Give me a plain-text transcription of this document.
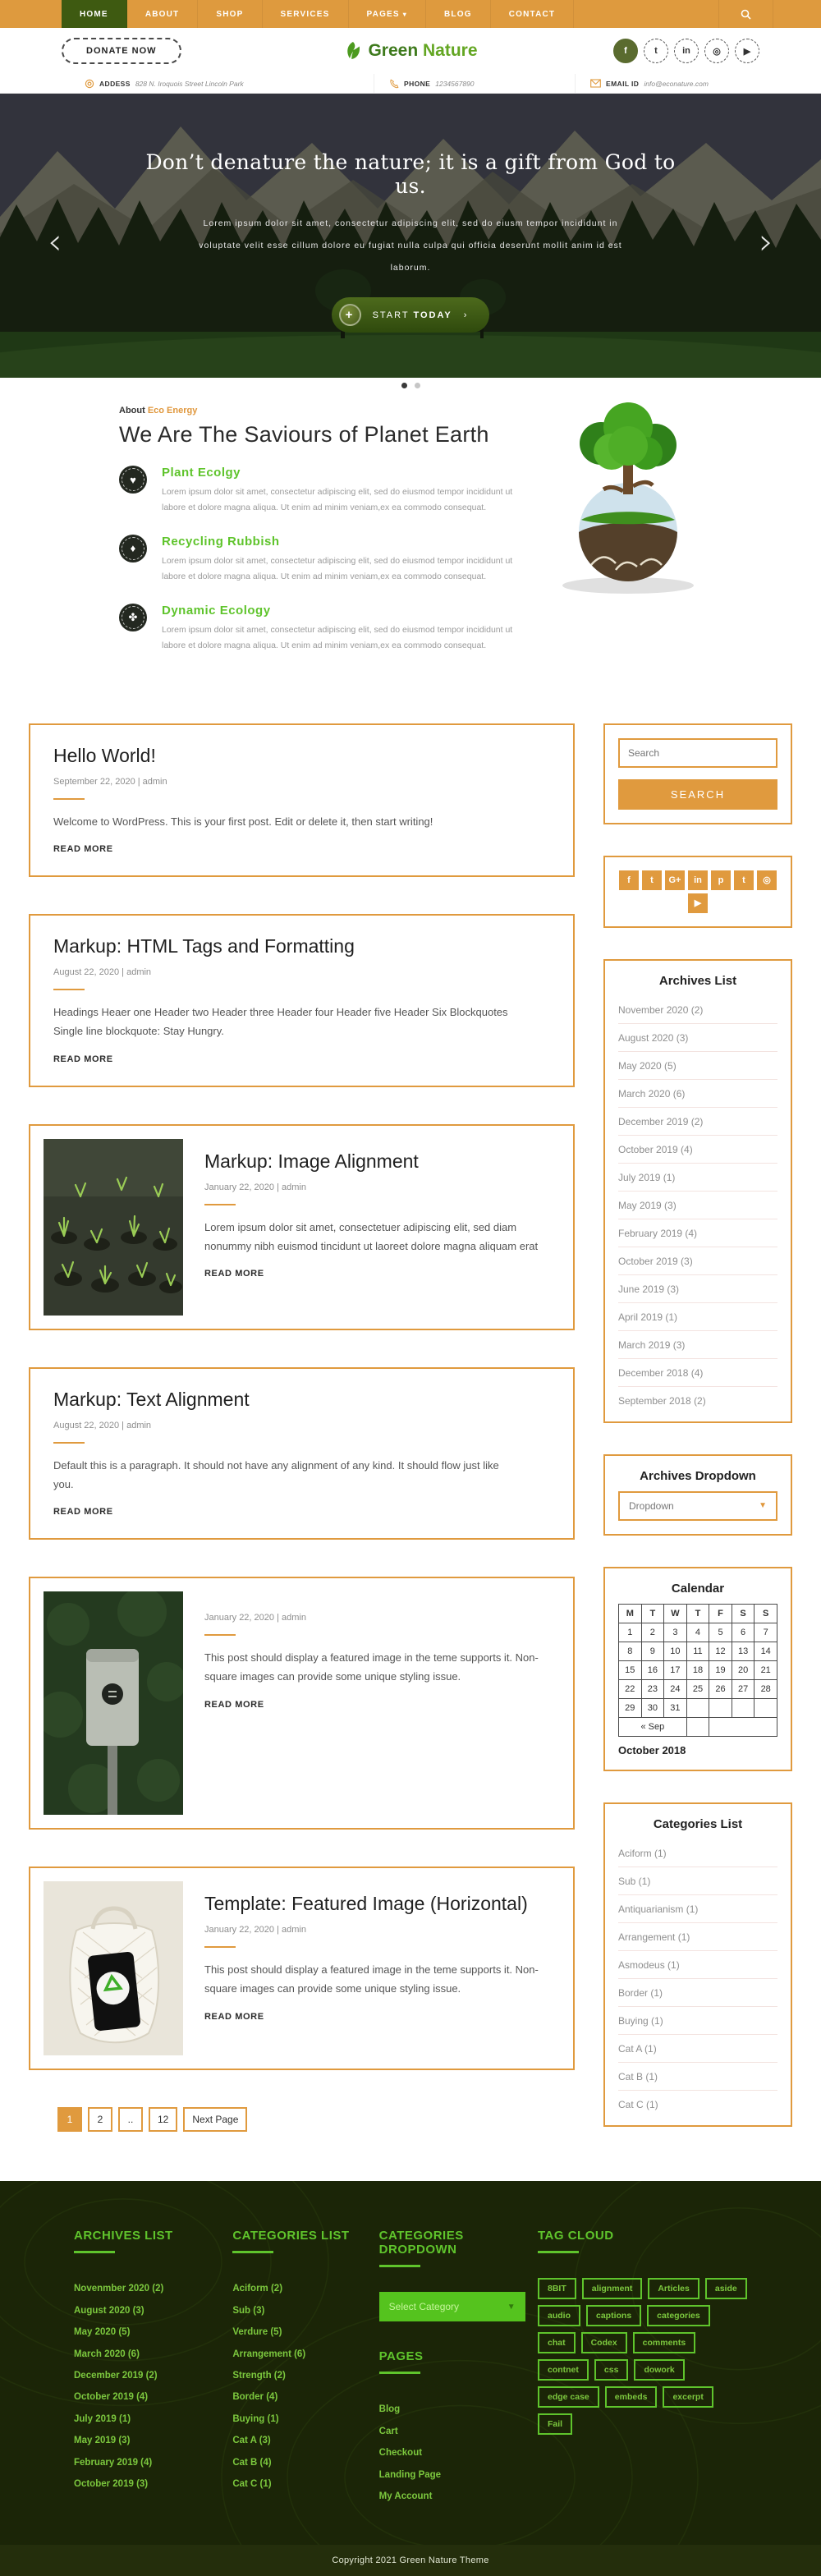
HOME	ABOUT	SHOP	SERVICES	PAGES ▾	BLOG	CONTACT
DONATE NOW	Green Nature	f	t	in	◎	▶
ADDESS 828 N. Iroquois Street Lincoln Park	PHONE 1234567890	EMAIL ID info@econature.com
‹	›
Don’t denature the nature; it is a gift from God to us.

Lorem ipsum dolor sit amet, consectetur adipiscing elit, sed do eiusm tempor incididunt in voluptate velit esse cillum dolore eu fugiat nulla culpa qui officia deserunt mollit anim id est laborum.

+	START TODAY ›
About Eco Energy
We Are The Saviours of Planet Earth
♥	Plant Ecolgy
Lorem ipsum dolor sit amet, consectetur adipiscing elit, sed do eiusmod tempor incididunt ut labore et dolore magna aliqua. Ut enim ad minim veniam,ex ea commodo consequat.
♦	Recycling Rubbish
Lorem ipsum dolor sit amet, consectetur adipiscing elit, sed do eiusmod tempor incididunt ut labore et dolore magna aliqua. Ut enim ad minim veniam,ex ea commodo consequat.
✤	Dynamic Ecology
Lorem ipsum dolor sit amet, consectetur adipiscing elit, sed do eiusmod tempor incididunt ut labore et dolore magna aliqua. Ut enim ad minim veniam,ex ea commodo consequat.
Hello World!
September 22, 2020 | admin
Welcome to WordPress. This is your first post. Edit or delete it, then start writing!
READ MORE
Markup: HTML Tags and Formatting
August 22, 2020 | admin
Headings Heaer one Header two Header three Header four Header five Header Six Blockquotes Single line blockquote: Stay Hungry.
READ MORE
Markup: Image Alignment
January 22, 2020 | admin
Lorem ipsum dolor sit amet, consectetuer adipiscing elit, sed diam nonummy nibh euismod tincidunt ut laoreet dolore magna aliquam erat
READ MORE
Markup: Text Alignment
August 22, 2020 | admin
Default this is a paragraph. It should not have any alignment of any kind. It should flow just like you.
READ MORE
January 22, 2020 | admin
This post should display a featured image in the teme supports it. Non-square images can provide some unique styling issue.
READ MORE
Template: Featured Image (Horizontal)
January 22, 2020 | admin
This post should display a featured image in the teme supports it. Non-square images can provide some unique styling issue.
READ MORE
1	2	..	12	Next Page
Search SEARCH
f	t	G+	in	p	t	◎
▶
Archives List
November 2020 (2)
August 2020 (3)
May 2020 (5)
March 2020 (6)
December 2019 (2)
October 2019 (4)
July 2019 (1)
May 2019 (3)
February 2019 (4)
October 2019 (3)
June 2019 (3)
April 2019 (1)
March 2019 (3)
December 2018 (4)
September 2018 (2)
Archives Dropdown
Dropdown	▼
Calendar
M	T	W	T	F	S	S
1	2	3	4	5	6	7
8	9	10	11	12	13	14
15	16	17	18	19	20	21
22	23	24	25	26	27	28
29	30	31				
« Sep						
October 2018
Categories List
Aciform (1)
Sub (1)
Antiquarianism (1)
Arrangement (1)
Asmodeus (1)
Border (1)
Buying (1)
Cat A (1)
Cat B (1)
Cat C (1)
ARCHIVES LIST
Novenmber 2020 (2)
August 2020 (3)
May 2020 (5)
March 2020 (6)
December 2019 (2)
October 2019 (4)
July 2019 (1)
May 2019 (3)
February 2019 (4)
October 2019 (3)
CATEGORIES LIST
Aciform (2)
Sub (3)
Verdure (5)
Arrangement (6)
Strength (2)
Border (4)
Buying (1)
Cat A (3)
Cat B (4)
Cat C (1)
CATEGORIES DROPDOWN
Select Category	▼
PAGES
Blog
Cart
Checkout
Landing Page
My Account
TAG CLOUD
8BIT	alignment	Articles	aside
audio	captions	categories
chat	Codex	comments
contnet	css	dowork
edge case	embeds	excerpt
Fail
Copyright 2021 Green Nature Theme
